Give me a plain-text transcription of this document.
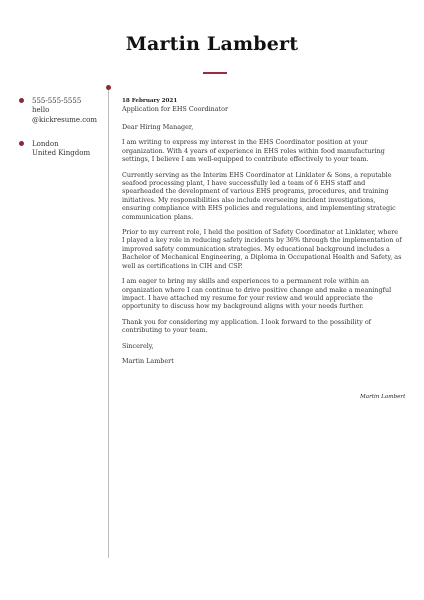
Martin Lambert
555-555-5555
hello
@kickresume.com
London
United Kingdom
18 February 2021
Application for EHS Coordinator

Dear Hiring Manager,

I am writing to express my interest in the EHS Coordinator position at your organization. With 4 years of experience in EHS roles within food manufacturing settings, I believe I am well-equipped to contribute effectively to your team.

Currently serving as the Interim EHS Coordinator at Linklater & Sons, a reputable seafood processing plant, I have successfully led a team of 6 EHS staff and spearheaded the development of various EHS programs, procedures, and training initiatives. My responsibilities also include overseeing incident investigations, ensuring compliance with EHS policies and regulations, and implementing strategic communication plans.

Prior to my current role, I held the position of Safety Coordinator at Linklater, where I played a key role in reducing safety incidents by 36% through the implementation of improved safety communication strategies. My educational background includes a Bachelor of Mechanical Engineering, a Diploma in Occupational Health and Safety, as well as certifications in CIH and CSP.

I am eager to bring my skills and experiences to a permanent role within an organization where I can continue to drive positive change and make a meaningful impact. I have attached my resume for your review and would appreciate the opportunity to discuss how my background aligns with your needs further.

Thank you for considering my application. I look forward to the possibility of contributing to your team.

Sincerely,

Martin Lambert

Martin Lambert
